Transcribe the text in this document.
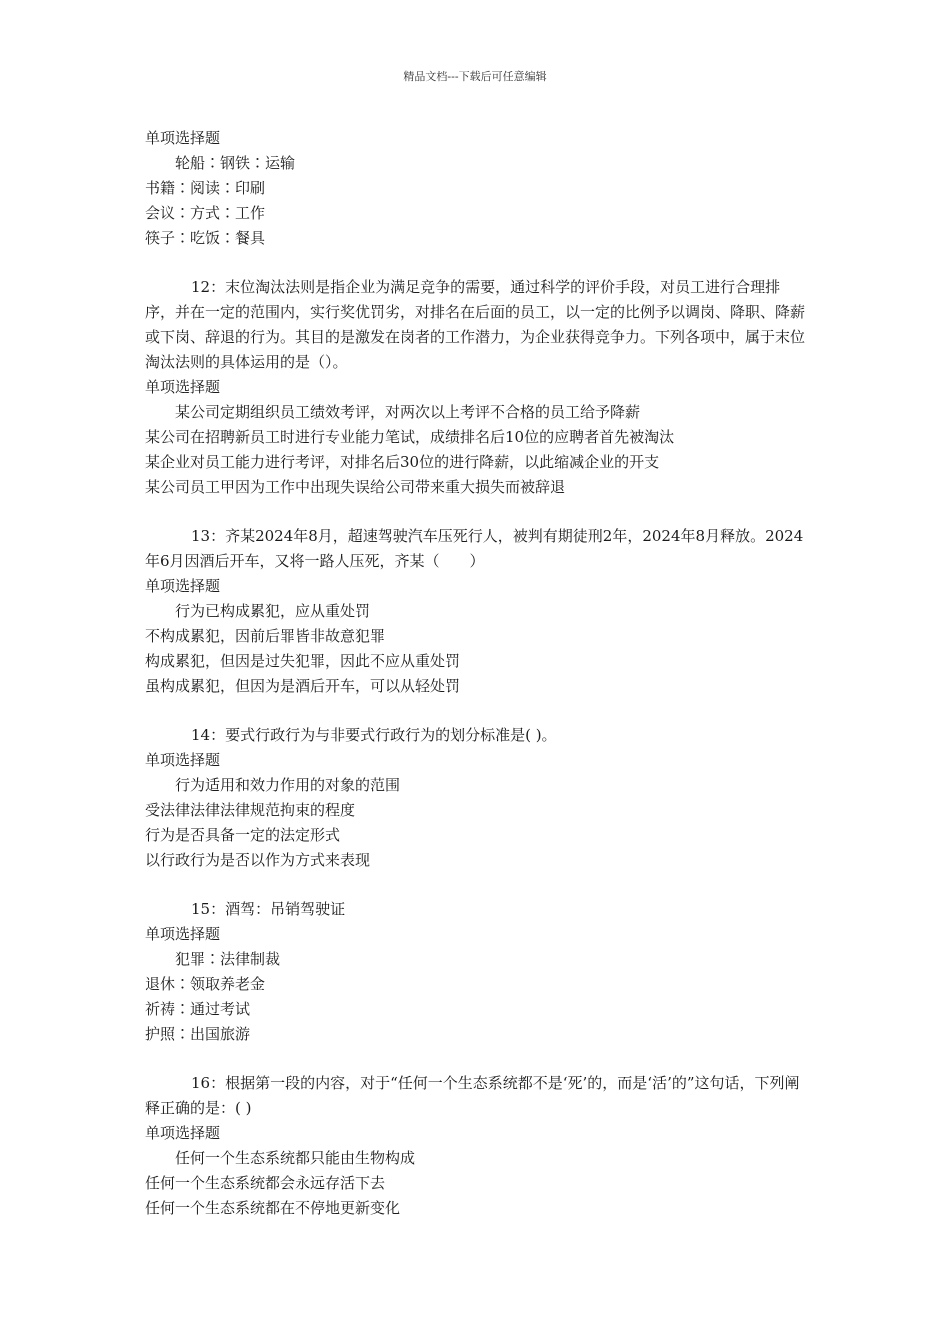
精品文档---下载后可任意编辑

单项选择题

轮船∶钢铁∶运输

书籍∶阅读∶印刷

会议∶方式∶工作

筷子∶吃饭∶餐具

12：末位淘汰法则是指企业为满足竞争的需要，通过科学的评价手段，对员工进行合理排序，并在一定的范围内，实行奖优罚劣，对排名在后面的员工，以一定的比例予以调岗、降职、降薪或下岗、辞退的行为。其目的是激发在岗者的工作潜力，为企业获得竞争力。下列各项中，属于末位淘汰法则的具体运用的是（）。

单项选择题

某公司定期组织员工绩效考评，对两次以上考评不合格的员工给予降薪

某公司在招聘新员工时进行专业能力笔试，成绩排名后10位的应聘者首先被淘汰

某企业对员工能力进行考评，对排名后30位的进行降薪，以此缩减企业的开支

某公司员工甲因为工作中出现失误给公司带来重大损失而被辞退

13：齐某2024年8月，超速驾驶汽车压死行人，被判有期徒刑2年，2024年8月释放。2024年6月因酒后开车，又将一路人压死，齐某（　　）

单项选择题

行为已构成累犯，应从重处罚

不构成累犯，因前后罪皆非故意犯罪

构成累犯，但因是过失犯罪，因此不应从重处罚

虽构成累犯，但因为是酒后开车，可以从轻处罚

14：要式行政行为与非要式行政行为的划分标准是( )。

单项选择题

行为适用和效力作用的对象的范围

受法律法律法律规范拘束的程度

行为是否具备一定的法定形式

以行政行为是否以作为方式来表现

15：酒驾：吊销驾驶证

单项选择题

犯罪∶法律制裁

退休∶领取养老金

祈祷∶通过考试

护照∶出国旅游

16：根据第一段的内容，对于“任何一个生态系统都不是‘死’的，而是‘活’的”这句话，下列阐释正确的是：( )

单项选择题

任何一个生态系统都只能由生物构成

任何一个生态系统都会永远存活下去

任何一个生态系统都在不停地更新变化
